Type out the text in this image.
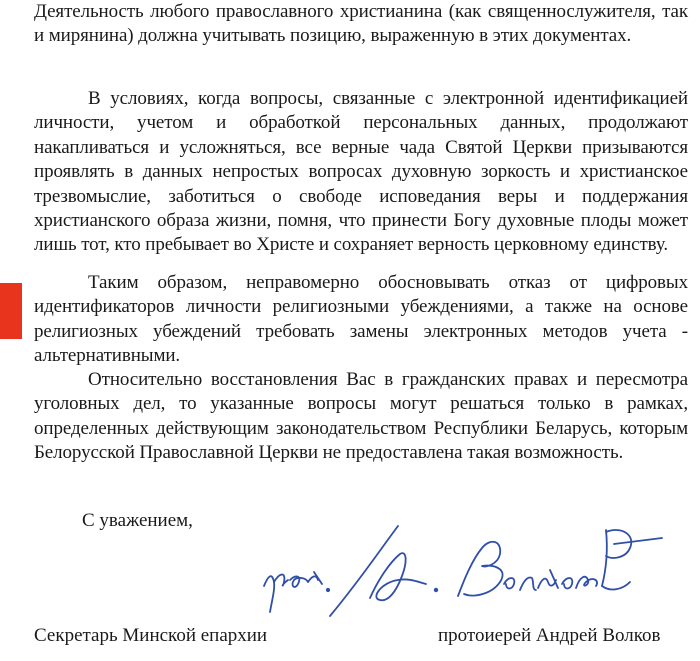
Деятельность любого православного христианина (как священнослужителя, так и мирянина) должна учитывать позицию, выраженную в этих документах.

В условиях, когда вопросы, связанные с электронной идентификацией личности, учетом и обработкой персональных данных, продолжают накапливаться и усложняться, все верные чада Святой Церкви призываются проявлять в данных непростых вопросах духовную зоркость и христианское трезвомыслие, заботиться о свободе исповедания веры и поддержания христианского образа жизни, помня, что принести Богу духовные плоды может лишь тот, кто пребывает во Христе и сохраняет верность церковному единству.

Таким образом, неправомерно обосновывать отказ от цифровых идентификаторов личности религиозными убеждениями, а также на основе религиозных убеждений требовать замены электронных методов учета - альтернативными.

Относительно восстановления Вас в гражданских правах и пересмотра уголовных дел, то указанные вопросы могут решаться только в рамках, определенных действующим законодательством Республики Беларусь, которым Белорусской Православной Церкви не предоставлена такая возможность.

С уважением,
Секретарь Минской епархии	протоиерей Андрей Волков
